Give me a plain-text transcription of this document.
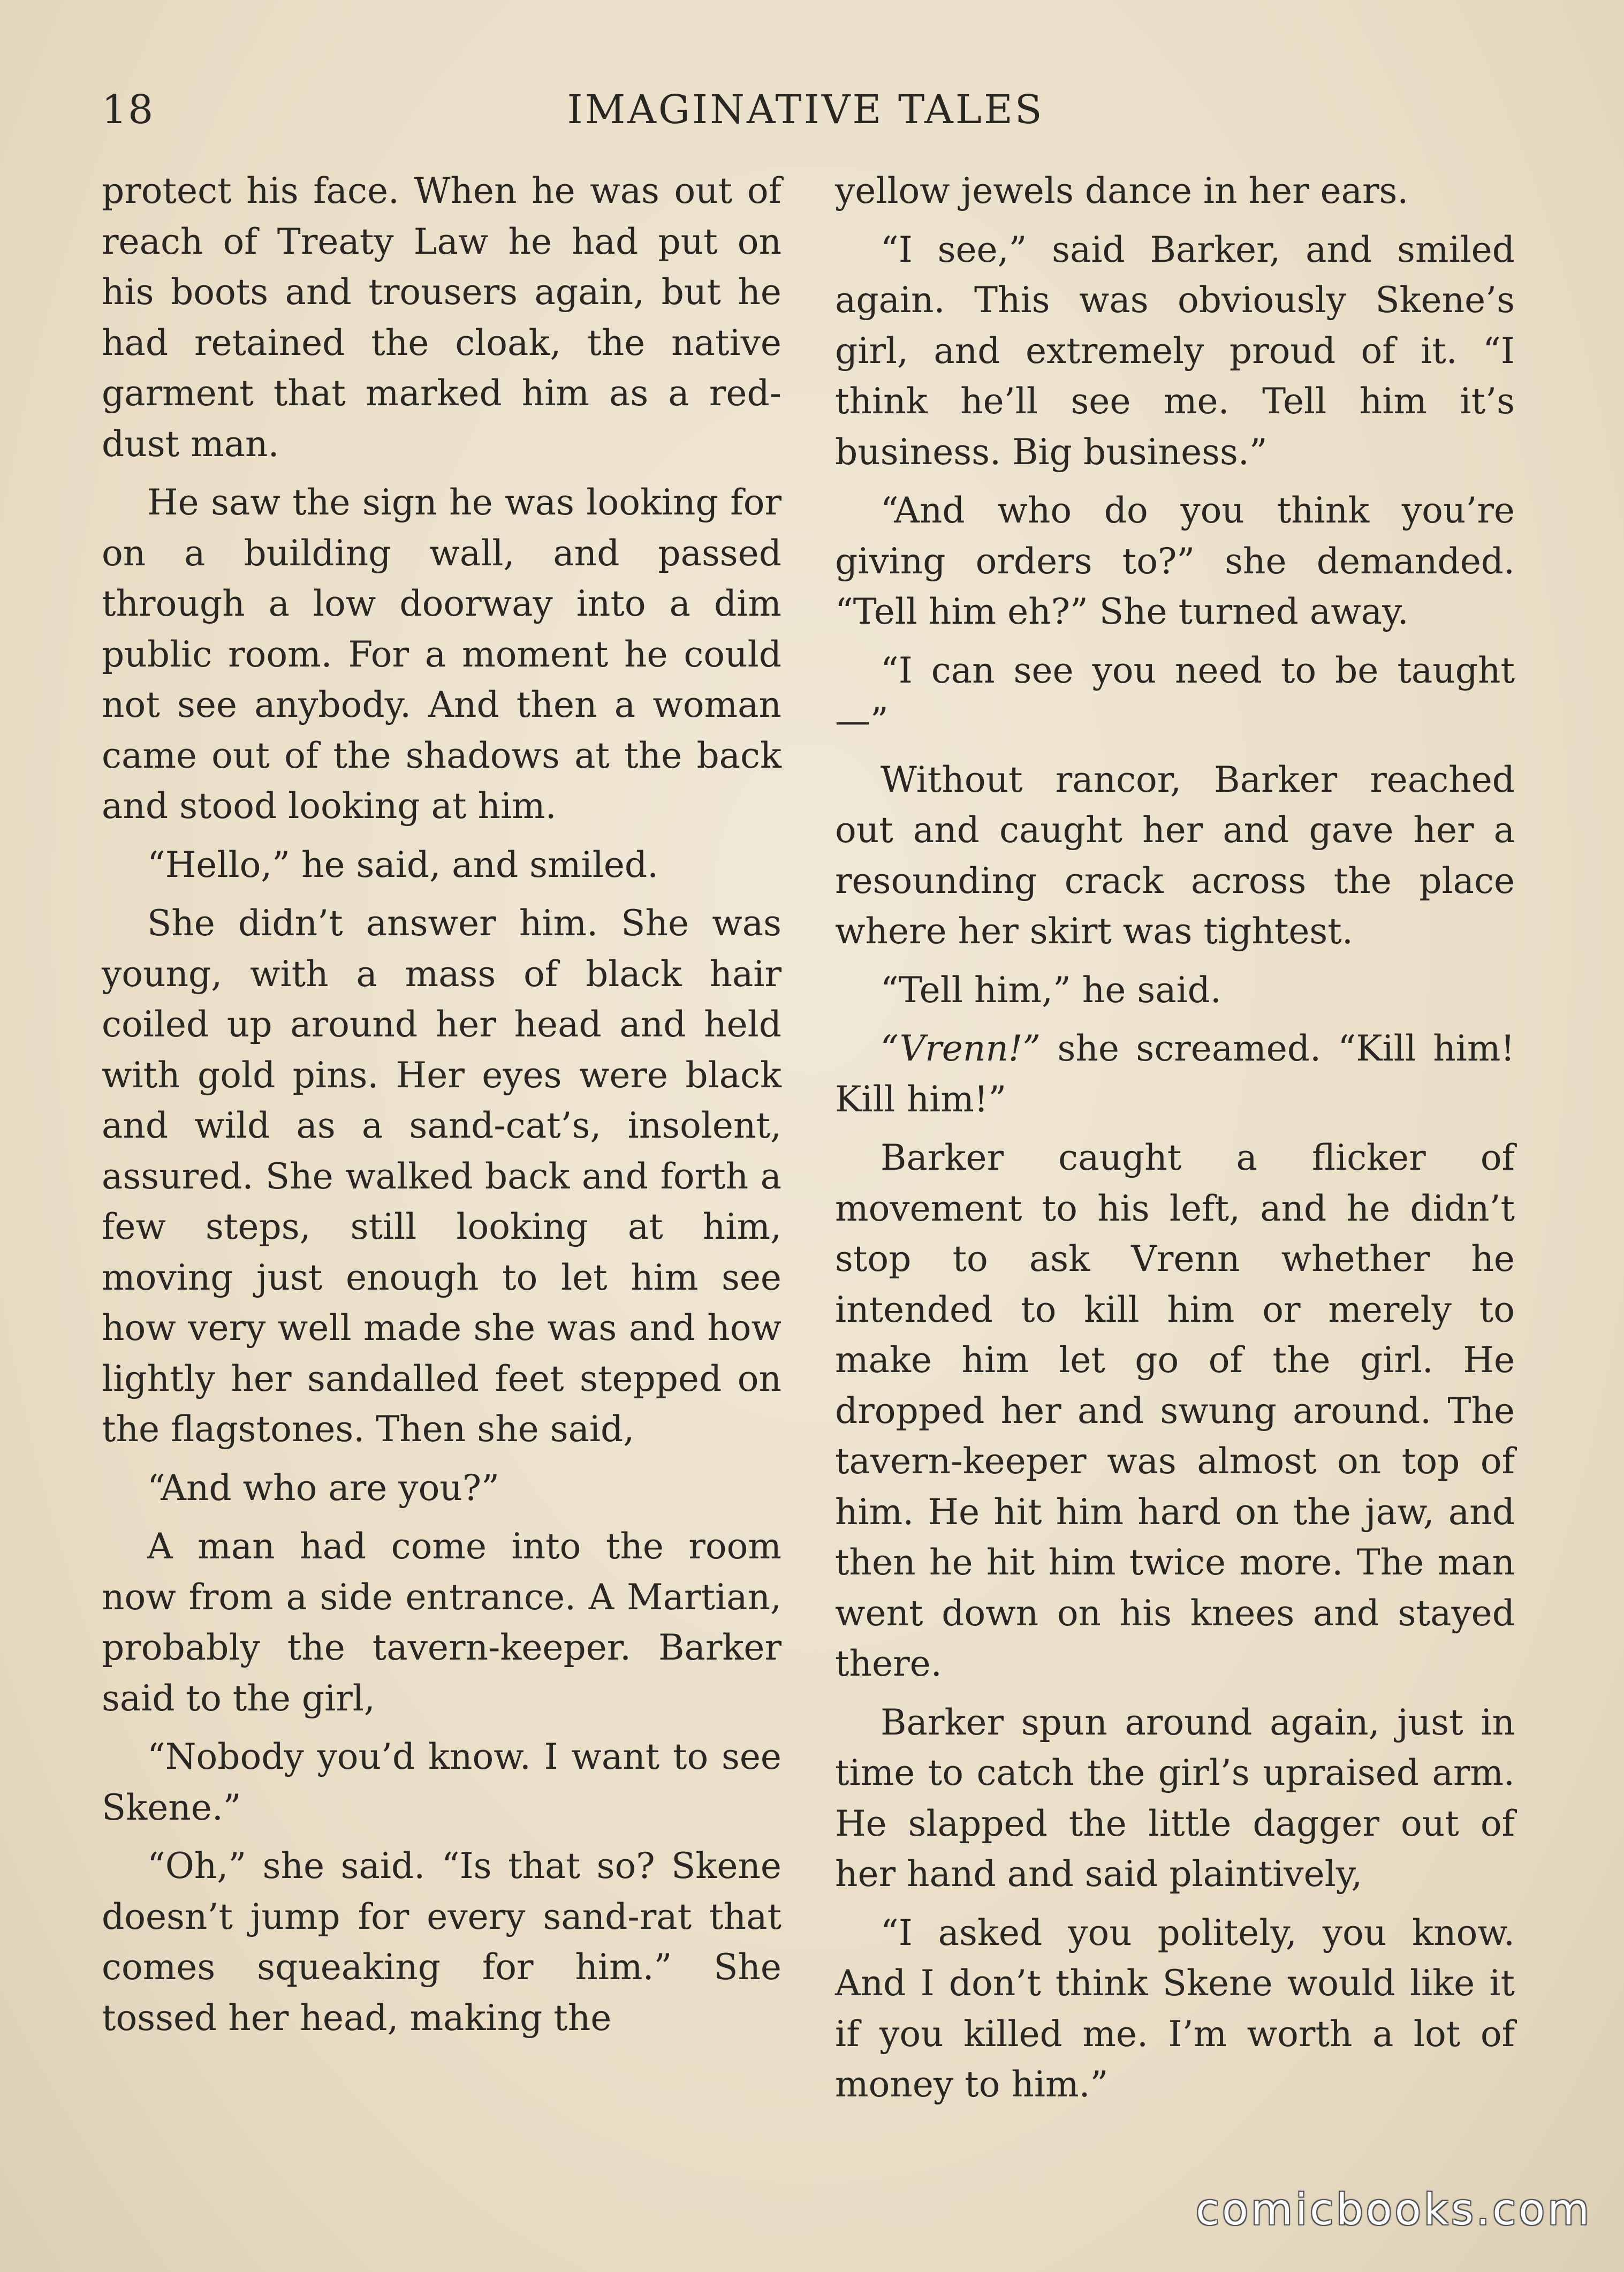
18	IMAGINATIVE TALES

protect his face. When he was out of reach of Treaty Law he had put on his boots and trousers again, but he had retained the cloak, the native garment that marked him as a red-dust man.

He saw the sign he was looking for on a building wall, and passed through a low doorway into a dim public room. For a moment he could not see anybody. And then a woman came out of the shadows at the back and stood looking at him.

“Hello,” he said, and smiled.

She didn’t answer him. She was young, with a mass of black hair coiled up around her head and held with gold pins. Her eyes were black and wild as a sand-cat’s, insolent, assured. She walked back and forth a few steps, still looking at him, moving just enough to let him see how very well made she was and how lightly her sandalled feet stepped on the flagstones. Then she said,

“And who are you?”

A man had come into the room now from a side entrance. A Martian, probably the tavern-keeper. Barker said to the girl,

“Nobody you’d know. I want to see Skene.”

“Oh,” she said. “Is that so? Skene doesn’t jump for every sand-rat that comes squeaking for him.” She tossed her head, making the

yellow jewels dance in her ears.

“I see,” said Barker, and smiled again. This was obviously Skene’s girl, and extremely proud of it. “I think he’ll see me. Tell him it’s business. Big business.”

“And who do you think you’re giving orders to?” she demanded. “Tell him eh?” She turned away.

“I can see you need to be taught—”

Without rancor, Barker reached out and caught her and gave her a resounding crack across the place where her skirt was tightest.

“Tell him,” he said.

“Vrenn!” she screamed. “Kill him! Kill him!”

Barker caught a flicker of movement to his left, and he didn’t stop to ask Vrenn whether he intended to kill him or merely to make him let go of the girl. He dropped her and swung around. The tavern-keeper was almost on top of him. He hit him hard on the jaw, and then he hit him twice more. The man went down on his knees and stayed there.

Barker spun around again, just in time to catch the girl’s upraised arm. He slapped the little dagger out of her hand and said plaintively,

“I asked you politely, you know. And I don’t think Skene would like it if you killed me. I’m worth a lot of money to him.”

comicbooks.com
